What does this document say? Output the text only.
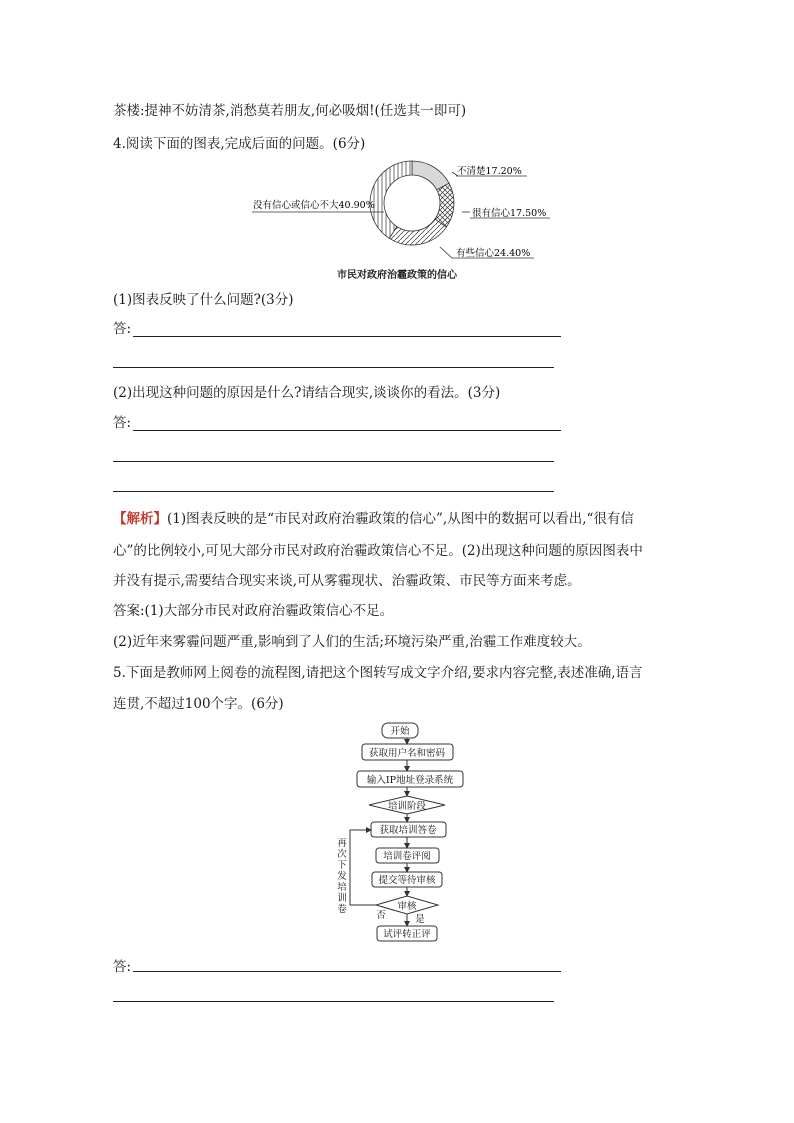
茶楼:提神不妨清茶,消愁莫若朋友,何必吸烟!(任选其一即可)
4.阅读下面的图表,完成后面的问题。(6分)
不清楚17.20%
很有信心17.50%
有些信心24.40%
没有信心或信心不大40.90%
市民对政府治霾政策的信心
(1)图表反映了什么问题?(3分)
答:
(2)出现这种问题的原因是什么?请结合现实,谈谈你的看法。(3分)
答:
【解析】(1)图表反映的是“市民对政府治霾政策的信心”,从图中的数据可以看出,“很有信
心”的比例较小,可见大部分市民对政府治霾政策信心不足。(2)出现这种问题的原因图表中
并没有提示,需要结合现实来谈,可从雾霾现状、治霾政策、市民等方面来考虑。
答案:(1)大部分市民对政府治霾政策信心不足。
(2)近年来雾霾问题严重,影响到了人们的生活;环境污染严重,治霾工作难度较大。
5.下面是教师网上阅卷的流程图,请把这个图转写成文字介绍,要求内容完整,表述准确,语言
连贯,不超过100个字。(6分)
开始
获取用户名和密码
输入IP地址登录系统
培训阶段
获取培训答卷
培训卷评阅
提交等待审核
审核
试评转正评
否	是
再
次
下
发
培
训
卷
答:
